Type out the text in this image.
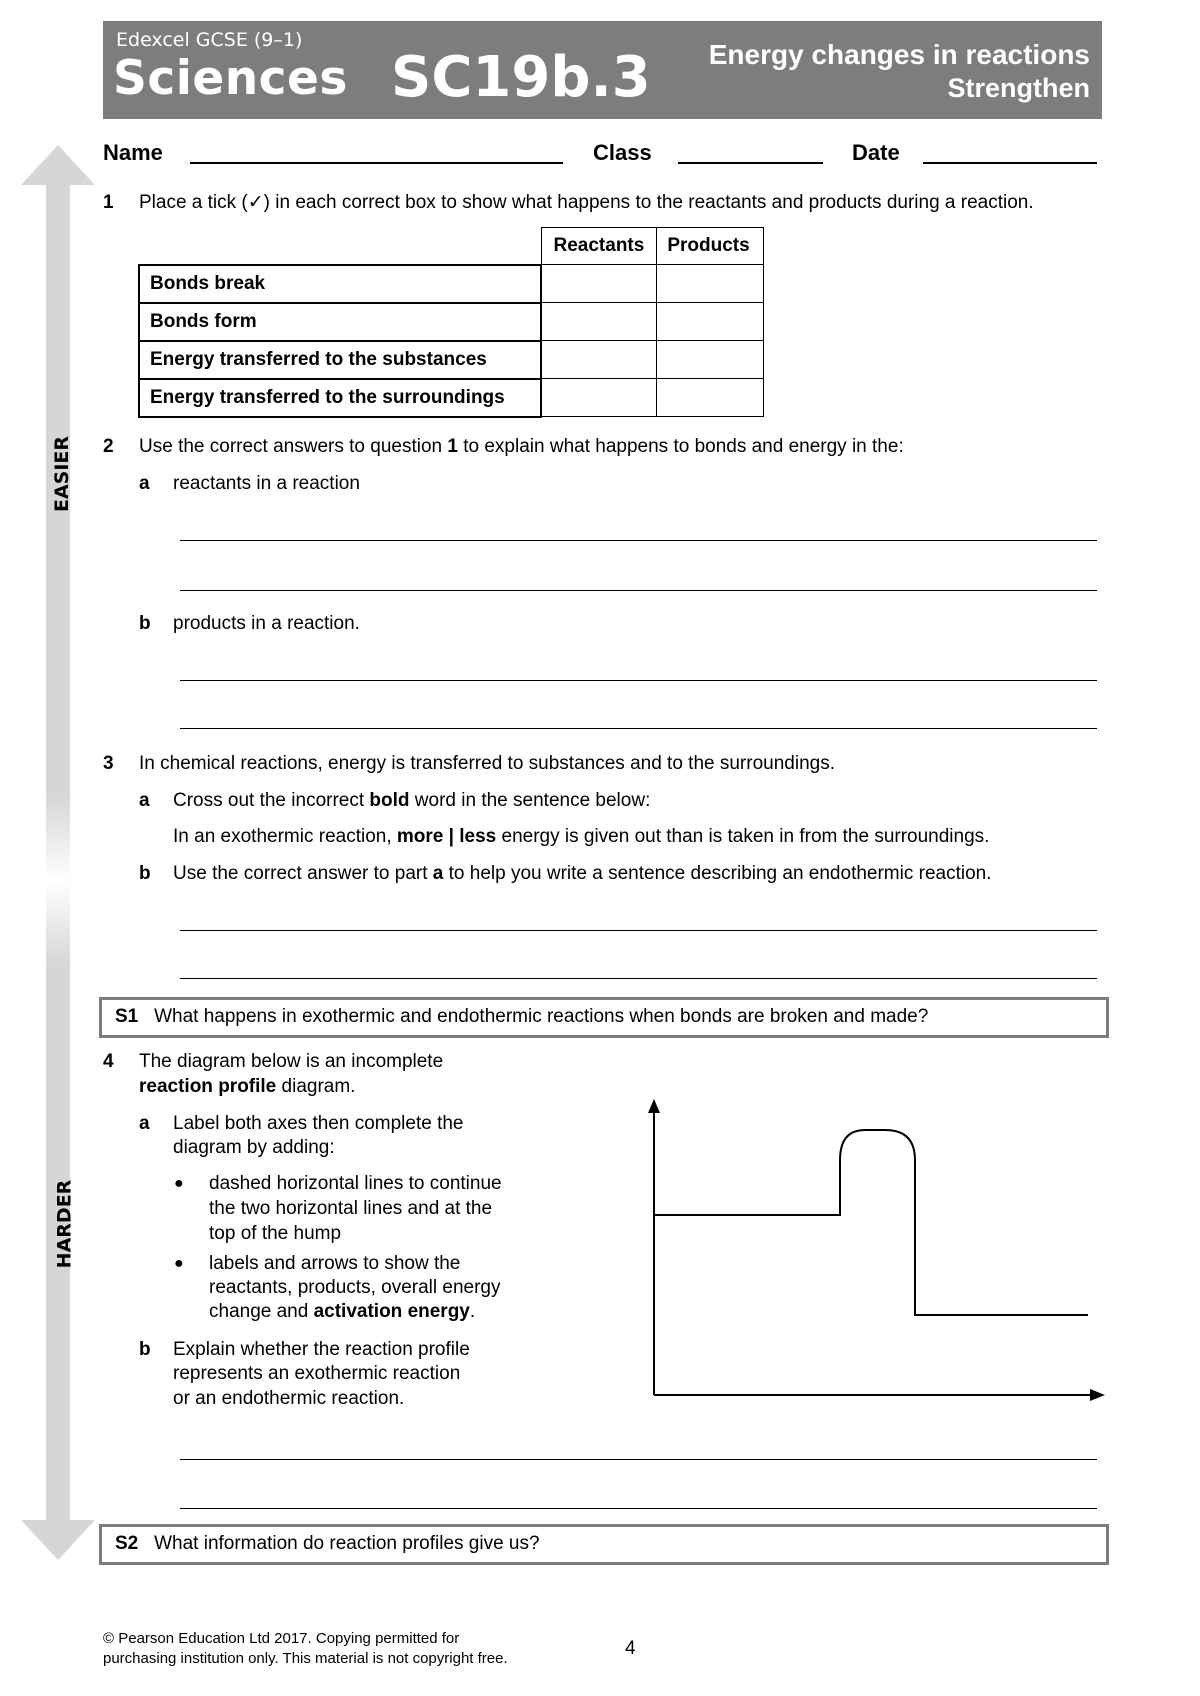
Edexcel GCSE (9–1)
Sciences SC19b.3 Energy changes in reactions
Strengthen
EASIER
HARDER
Name	Class	Date
1 Place a tick (✓) in each correct box to show what happens to the reactants and products during a reaction.
	Reactants	Products
Bonds break		
Bonds form		
Energy transferred to the substances		
Energy transferred to the surroundings		
2 Use the correct answers to question 1 to explain what happens to bonds and energy in the:
a reactants in a reaction
b products in a reaction.
3 In chemical reactions, energy is transferred to substances and to the surroundings.
a Cross out the incorrect bold word in the sentence below:
In an exothermic reaction, more | less energy is given out than is taken in from the surroundings.
b Use the correct answer to part a to help you write a sentence describing an endothermic reaction.
S1 What happens in exothermic and endothermic reactions when bonds are broken and made?
4 The diagram below is an incomplete
reaction profile diagram.
a Label both axes then complete the
diagram by adding:
● dashed horizontal lines to continue
the two horizontal lines and at the
top of the hump
● labels and arrows to show the
reactants, products, overall energy
change and activation energy.
b Explain whether the reaction profile
represents an exothermic reaction
or an endothermic reaction.
S2 What information do reaction profiles give us?
© Pearson Education Ltd 2017. Copying permitted for
purchasing institution only. This material is not copyright free.	4
